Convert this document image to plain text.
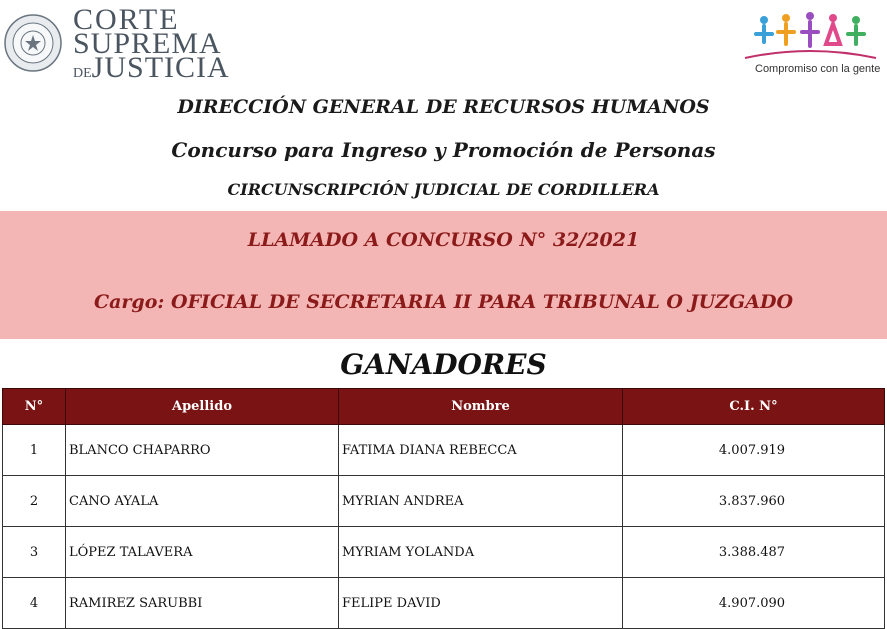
CORTE
SUPREMA
DEJUSTICIA	Compromiso con la gente
DIRECCIÓN GENERAL DE RECURSOS HUMANOS
Concurso para Ingreso y Promoción de Personas
CIRCUNSCRIPCIÓN JUDICIAL DE CORDILLERA
LLAMADO A CONCURSO N° 32/2021
Cargo: OFICIAL DE SECRETARIA II PARA TRIBUNAL O JUZGADO
GANADORES
N°	Apellido	Nombre	C.I. N°
1	BLANCO CHAPARRO	FATIMA DIANA REBECCA	4.007.919
2	CANO AYALA	MYRIAN ANDREA	3.837.960
3	LÓPEZ TALAVERA	MYRIAM YOLANDA	3.388.487
4	RAMIREZ SARUBBI	FELIPE DAVID	4.907.090
